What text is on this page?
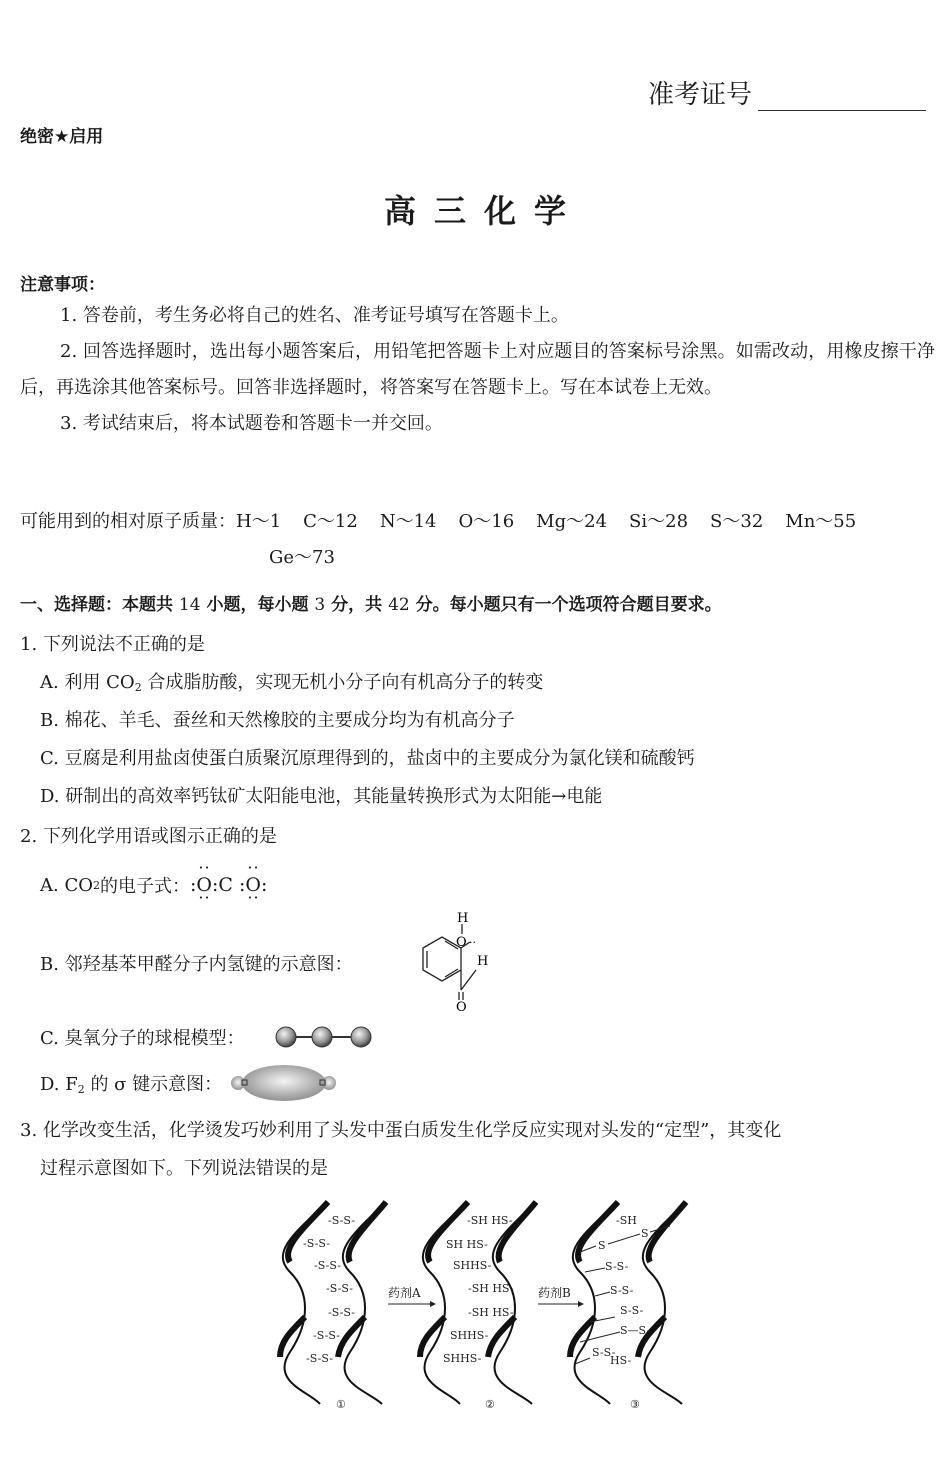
准考证号
绝密★启用
高三化学
注意事项：

1. 答卷前，考生务必将自己的姓名、准考证号填写在答题卡上。

2. 回答选择题时，选出每小题答案后，用铅笔把答题卡上对应题目的答案标号涂黑。如需改动，用橡皮擦干净后，再选涂其他答案标号。回答非选择题时，将答案写在答题卡上。写在本试卷上无效。

3. 考试结束后，将本试题卷和答题卡一并交回。

可能用到的相对原子质量： H～1 C～12 N～14 O～16 Mg～24 Si～28 S～32 Mn～55
Ge～73
一、选择题：本题共 14 小题，每小题 3 分，共 42 分。每小题只有一个选项符合题目要求。
1. 下列说法不正确的是
A. 利用 $CO_2$ 合成脂肪酸，实现无机小分子向有机高分子的转变
B. 棉花、羊毛、蚕丝和天然橡胶的主要成分均为有机高分子
C. 豆腐是利用盐卤使蛋白质聚沉原理得到的，盐卤中的主要成分为氯化镁和硫酸钙
D. 研制出的高效率钙钛矿太阳能电池，其能量转换形式为太阳能→电能
2. 下列化学用语或图示正确的是
A. CO 2 的电子式： : ·· O ·· :C : ·· O ·· :
B. 邻羟基苯甲醛分子内氢键的示意图：
H
O ··
H
O
C. 臭氧分子的球棍模型：
D. $F_2$ 的 σ 键示意图：
3. 化学改变生活，化学烫发巧妙利用了头发中蛋白质发生化学反应实现对头发的“定型”，其变化
过程示意图如下。下列说法错误的是
-S-S-
-S-S-
-S-S-
-S-S-
-S-S-
-S-S-
-S-S-
①
药剂A
-SH HS-
SH HS-
SHHS-
-SH HS-
-SH HS-
SHHS-
SHHS-
②
药剂B
-SH
S
S
S-S-
S-S-
S-S-
S—S-
S-S-
HS-
③
